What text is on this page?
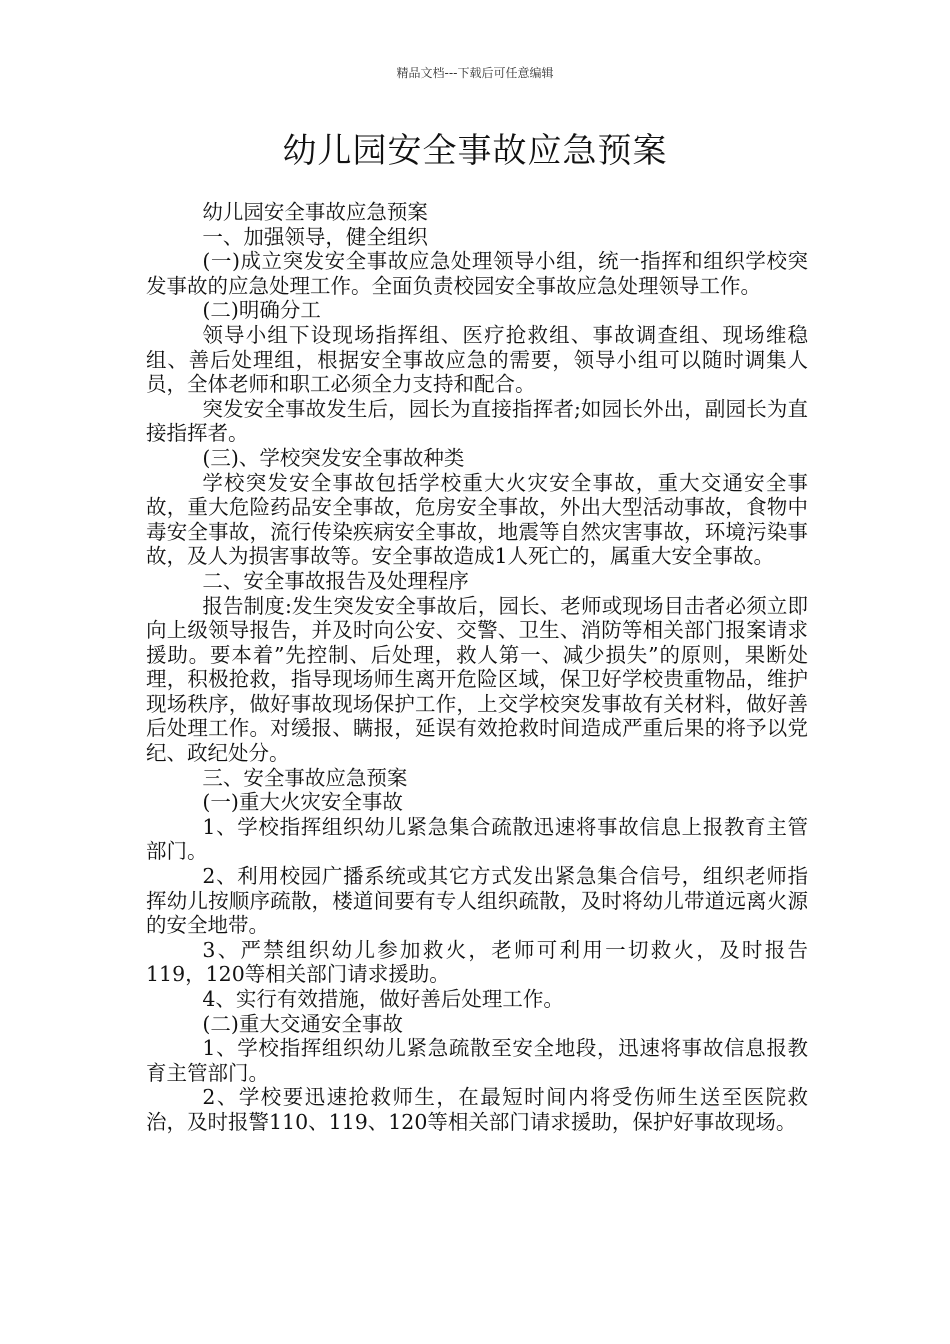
精品文档---下载后可任意编辑
幼儿园安全事故应急预案

幼儿园安全事故应急预案

一、加强领导，健全组织

(一)成立突发安全事故应急处理领导小组，统一指挥和组织学校突发事故的应急处理工作。全面负责校园安全事故应急处理领导工作。

(二)明确分工

领导小组下设现场指挥组、医疗抢救组、事故调查组、现场维稳组、善后处理组，根据安全事故应急的需要，领导小组可以随时调集人员，全体老师和职工必须全力支持和配合。

突发安全事故发生后，园长为直接指挥者;如园长外出，副园长为直接指挥者。

(三)、学校突发安全事故种类

学校突发安全事故包括学校重大火灾安全事故，重大交通安全事故，重大危险药品安全事故，危房安全事故，外出大型活动事故，食物中毒安全事故，流行传染疾病安全事故，地震等自然灾害事故，环境污染事故，及人为损害事故等。安全事故造成1人死亡的，属重大安全事故。

二、安全事故报告及处理程序

报告制度:发生突发安全事故后，园长、老师或现场目击者必须立即向上级领导报告，并及时向公安、交警、卫生、消防等相关部门报案请求援助。要本着”先控制、后处理，救人第一、减少损失”的原则，果断处理，积极抢救，指导现场师生离开危险区域，保卫好学校贵重物品，维护现场秩序，做好事故现场保护工作，上交学校突发事故有关材料，做好善后处理工作。对缓报、瞒报，延误有效抢救时间造成严重后果的将予以党纪、政纪处分。

三、安全事故应急预案

(一)重大火灾安全事故

1、学校指挥组织幼儿紧急集合疏散迅速将事故信息上报教育主管部门。

2、利用校园广播系统或其它方式发出紧急集合信号，组织老师指挥幼儿按顺序疏散，楼道间要有专人组织疏散，及时将幼儿带道远离火源的安全地带。

3、严禁组织幼儿参加救火，老师可利用一切救火，及时报告119，120等相关部门请求援助。

4、实行有效措施，做好善后处理工作。

(二)重大交通安全事故

1、学校指挥组织幼儿紧急疏散至安全地段，迅速将事故信息报教育主管部门。

2、学校要迅速抢救师生，在最短时间内将受伤师生送至医院救治，及时报警110、119、120等相关部门请求援助，保护好事故现场。
